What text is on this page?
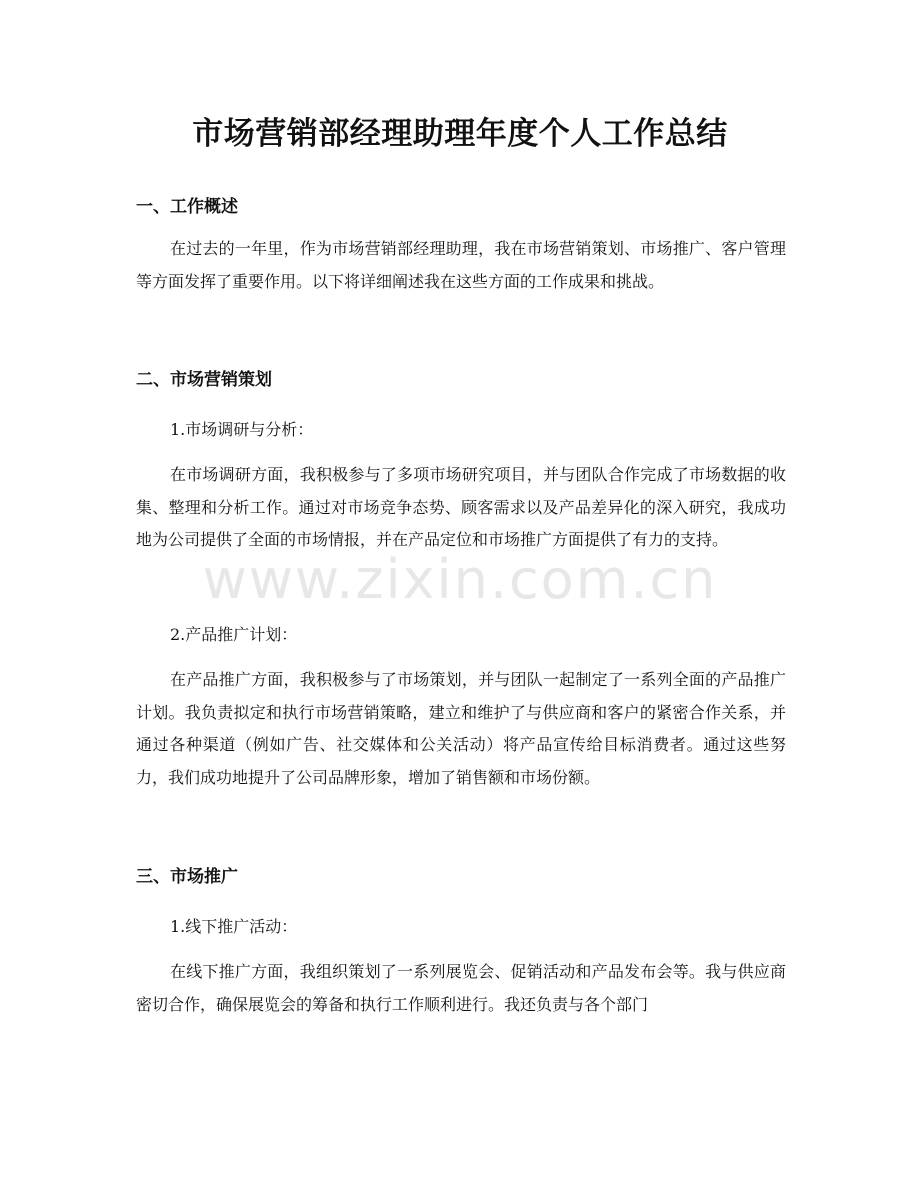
市场营销部经理助理年度个人工作总结
一、工作概述
在过去的一年里，作为市场营销部经理助理，我在市场营销策划、市场推广、客户管理等方面发挥了重要作用。以下将详细阐述我在这些方面的工作成果和挑战。
二、市场营销策划
1.市场调研与分析：
在市场调研方面，我积极参与了多项市场研究项目，并与团队合作完成了市场数据的收集、整理和分析工作。通过对市场竞争态势、顾客需求以及产品差异化的深入研究，我成功地为公司提供了全面的市场情报，并在产品定位和市场推广方面提供了有力的支持。
2.产品推广计划：
在产品推广方面，我积极参与了市场策划，并与团队一起制定了一系列全面的产品推广计划。我负责拟定和执行市场营销策略，建立和维护了与供应商和客户的紧密合作关系，并通过各种渠道（例如广告、社交媒体和公关活动）将产品宣传给目标消费者。通过这些努力，我们成功地提升了公司品牌形象，增加了销售额和市场份额。
三、市场推广
1.线下推广活动：
在线下推广方面，我组织策划了一系列展览会、促销活动和产品发布会等。我与供应商密切合作，确保展览会的筹备和执行工作顺利进行。我还负责与各个部门
www.zixin.com.cn
